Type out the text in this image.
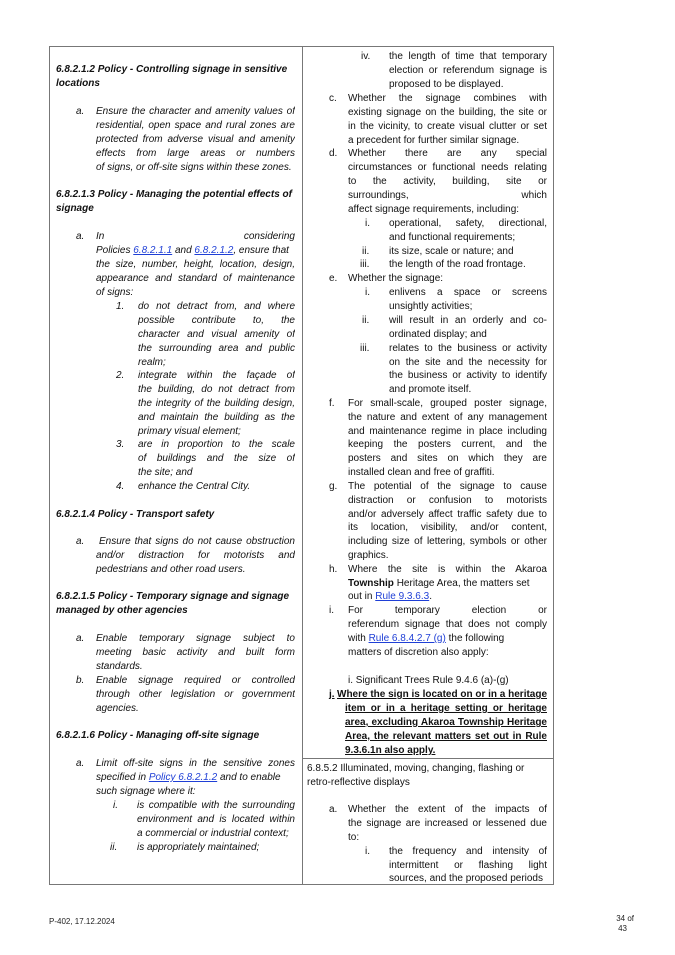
6.8.2.1.2 Policy - Controlling signage in sensitive
locations
a. Ensure the character and amenity values of
residential, open space and rural zones are
protected from adverse visual and amenity
effects from large areas or numbers
of signs, or off-site signs within these zones.
6.8.2.1.3 Policy - Managing the potential effects of
signage
a. In	considering
Policies 6.8.2.1.1 and 6.8.2.1.2, ensure that
the size, number, height, location, design,
appearance and standard of maintenance
of signs:
1. do not detract from, and where
possible contribute to, the
character and visual amenity of
the surrounding area and public
realm;
2. integrate within the façade of
the building, do not detract from
the integrity of the building design,
and maintain the building as the
primary visual element;
3. are in proportion to the scale
of buildings and the size of
the site; and
4. enhance the Central City.
6.8.2.1.4 Policy - Transport safety
a. Ensure that signs do not cause obstruction
and/or distraction for motorists and
pedestrians and other road users.
6.8.2.1.5 Policy - Temporary signage and signage
managed by other agencies
a. Enable temporary signage subject to
meeting basic activity and built form
standards.
b. Enable signage required or controlled
through other legislation or government
agencies.
6.8.2.1.6 Policy - Managing off-site signage
a. Limit off-site signs in the sensitive zones
specified in Policy 6.8.2.1.2 and to enable
such signage where it:
i. is compatible with the surrounding
environment and is located within
a commercial or industrial context;
ii. is appropriately maintained;
iv. the length of time that temporary
election or referendum signage is
proposed to be displayed.
c. Whether the signage combines with
existing signage on the building, the site or
in the vicinity, to create visual clutter or set
a precedent for further similar signage.
d. Whether there are any special
circumstances or functional needs relating
to the activity, building, site or
surroundings, which
affect signage requirements, including:
i. operational, safety, directional,
and functional requirements;
ii. its size, scale or nature; and
iii. the length of the road frontage.
e. Whether the signage:
i. enlivens a space or screens
unsightly activities;
ii. will result in an orderly and co-
ordinated display; and
iii. relates to the business or activity
on the site and the necessity for
the business or activity to identify
and promote itself.
f. For small-scale, grouped poster signage,
the nature and extent of any management
and maintenance regime in place including
keeping the posters current, and the
posters and sites on which they are
installed clean and free of graffiti.
g. The potential of the signage to cause
distraction or confusion to motorists
and/or adversely affect traffic safety due to
its location, visibility, and/or content,
including size of lettering, symbols or other
graphics.
h. Where the site is within the Akaroa
Township Heritage Area, the matters set
out in Rule 9.3.6.3.
i. For temporary election or
referendum signage that does not comply
with Rule 6.8.4.2.7 (g) the following
matters of discretion also apply:
i. Significant Trees Rule 9.4.6 (a)-(g)
j. Where the sign is located on or in a heritage
item or in a heritage setting or heritage
area, excluding Akaroa Township Heritage
Area, the relevant matters set out in Rule
9.3.6.1n also apply.
6.8.5.2 Illuminated, moving, changing, flashing or
retro-reflective displays
a. Whether the extent of the impacts of
the signage are increased or lessened due
to:
i. the frequency and intensity of
intermittent or flashing light
sources, and the proposed periods
P-402, 17.12.2024	34 of
43
